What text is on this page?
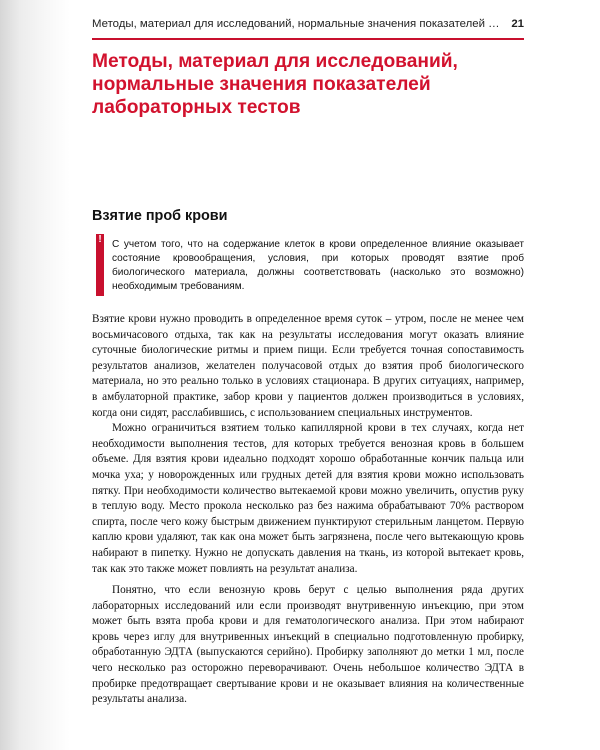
Методы, материал для исследований, нормальные значения показателей … 21
Методы, материал для исследований, нормальные значения показателей лабораторных тестов
Взятие проб крови
! С учетом того, что на содержание клеток в крови определенное влияние оказывает состояние кровообращения, условия, при которых проводят взятие проб биологического материала, должны соответствовать (насколько это возможно) необходимым требованиям.

Взятие крови нужно проводить в определенное время суток – утром, после не менее чем восьмичасового отдыха, так как на результаты исследования могут оказать влияние суточные биологические ритмы и прием пищи. Если требуется точная сопоставимость результатов анализов, желателен получасовой отдых до взятия проб биологического материала, но это реально только в условиях стационара. В других ситуациях, например, в амбулаторной практике, забор крови у пациентов должен производиться в условиях, когда они сидят, расслабившись, с использованием специальных инструментов.

Можно ограничиться взятием только капиллярной крови в тех случаях, когда нет необходимости выполнения тестов, для которых требуется венозная кровь в большем объеме. Для взятия крови идеально подходят хорошо обработанные кончик пальца или мочка уха; у новорожденных или грудных детей для взятия крови можно использовать пятку. При необходимости количество вытекаемой крови можно увеличить, опустив руку в теплую воду. Место прокола несколько раз без нажима обрабатывают 70% раствором спирта, после чего кожу быстрым движением пунктируют стерильным ланцетом. Первую каплю крови удаляют, так как она может быть загрязнена, после чего вытекающую кровь набирают в пипетку. Нужно не допускать давления на ткань, из которой вытекает кровь, так как это также может повлиять на результат анализа.

Понятно, что если венозную кровь берут с целью выполнения ряда других лабораторных исследований или если производят внутривенную инъекцию, при этом может быть взята проба крови и для гематологического анализа. При этом набирают кровь через иглу для внутривенных инъекций в специально подготовленную пробирку, обработанную ЭДТА (выпускаются серийно). Пробирку заполняют до метки 1 мл, после чего несколько раз осторожно переворачивают. Очень небольшое количество ЭДТА в пробирке предотвращает свертывание крови и не оказывает влияния на количественные результаты анализа.
